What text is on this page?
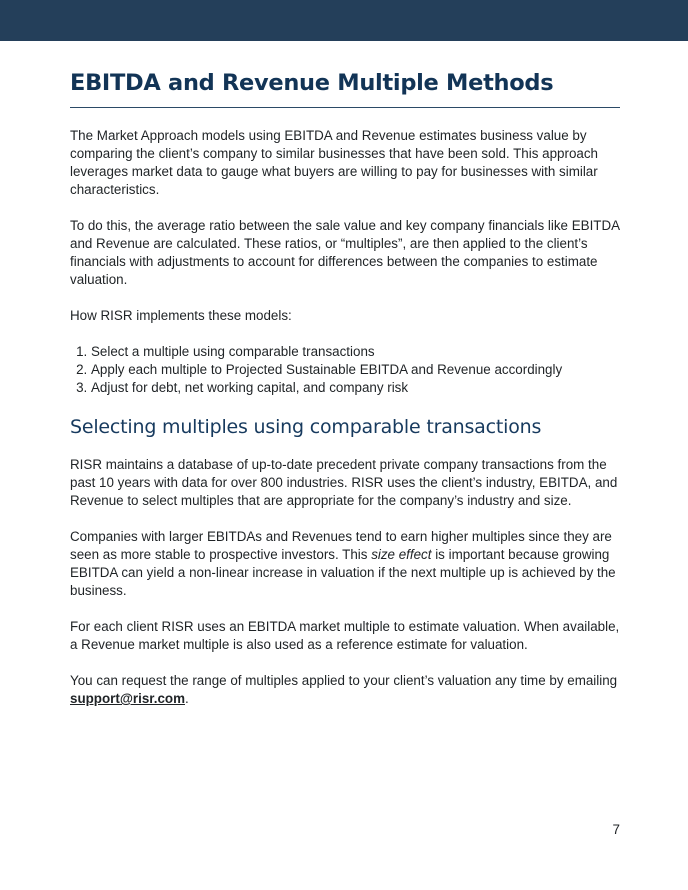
EBITDA and Revenue Multiple Methods

The Market Approach models using EBITDA and Revenue estimates business value by comparing the client’s company to similar businesses that have been sold. This approach leverages market data to gauge what buyers are willing to pay for businesses with similar characteristics.

To do this, the average ratio between the sale value and key company financials like EBITDA and Revenue are calculated. These ratios, or “multiples”, are then applied to the client’s financials with adjustments to account for differences between the companies to estimate valuation.

How RISR implements these models:

1. Select a multiple using comparable transactions
2. Apply each multiple to Projected Sustainable EBITDA and Revenue accordingly
3. Adjust for debt, net working capital, and company risk
Selecting multiples using comparable transactions

RISR maintains a database of up-to-date precedent private company transactions from the past 10 years with data for over 800 industries. RISR uses the client’s industry, EBITDA, and Revenue to select multiples that are appropriate for the company’s industry and size.

Companies with larger EBITDAs and Revenues tend to earn higher multiples since they are seen as more stable to prospective investors. This size effect is important because growing EBITDA can yield a non-linear increase in valuation if the next multiple up is achieved by the business.

For each client RISR uses an EBITDA market multiple to estimate valuation. When available, a Revenue market multiple is also used as a reference estimate for valuation.

You can request the range of multiples applied to your client’s valuation any time by emailing support@risr.com.

7
